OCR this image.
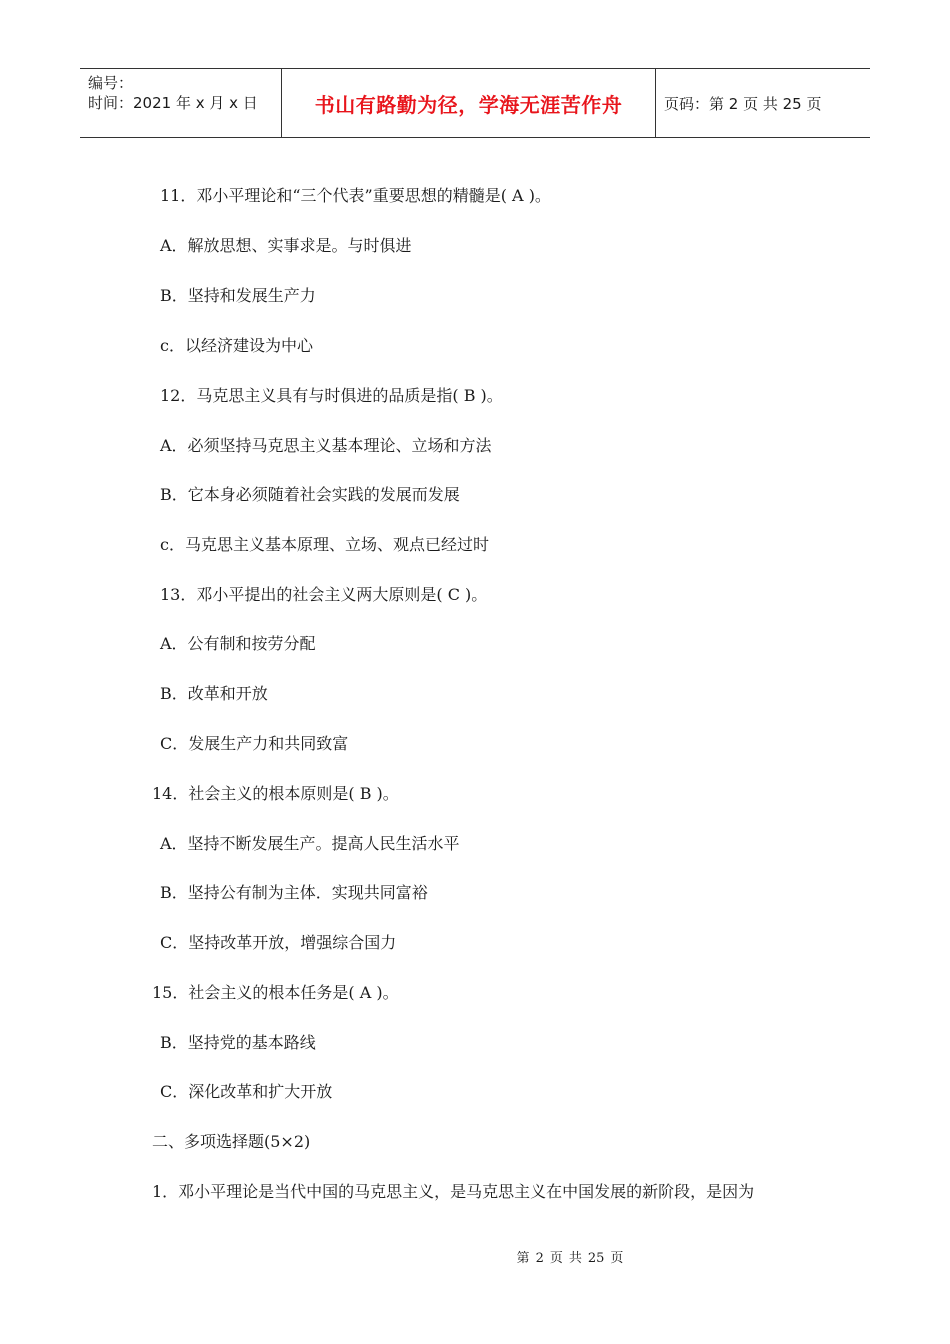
编号：
时间：2021 年 x 月 x 日	书山有路勤为径，学海无涯苦作舟	页码：第 2 页 共 25 页
11．邓小平理论和“三个代表”重要思想的精髓是( A )。
A．解放思想、实事求是。与时俱进
B．坚持和发展生产力
c．以经济建设为中心
12．马克思主义具有与时俱进的品质是指( B )。
A．必须坚持马克思主义基本理论、立场和方法
B．它本身必须随着社会实践的发展而发展
c．马克思主义基本原理、立场、观点已经过时
13．邓小平提出的社会主义两大原则是( C )。
A．公有制和按劳分配
B．改革和开放
C．发展生产力和共同致富
14．社会主义的根本原则是( B )。
A．坚持不断发展生产。提高人民生活水平
B．坚持公有制为主体．实现共同富裕
C．坚持改革开放，增强综合国力
15．社会主义的根本任务是( A )。
B．坚持党的基本路线
C．深化改革和扩大开放
二、多项选择题(5×2)
1．邓小平理论是当代中国的马克思主义，是马克思主义在中国发展的新阶段，是因为
第 2 页 共 25 页
